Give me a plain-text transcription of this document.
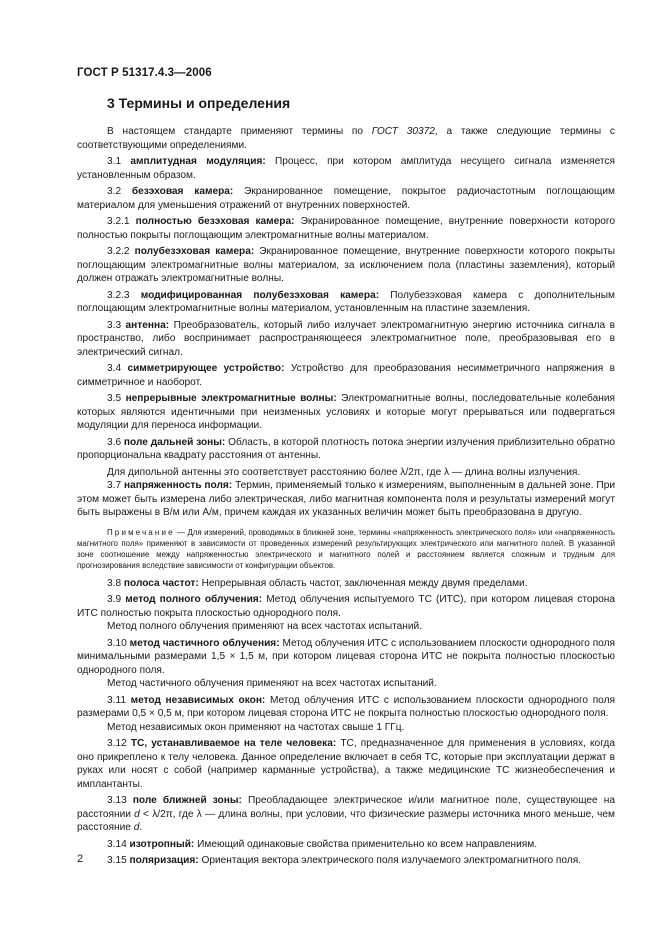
ГОСТ Р 51317.4.3—2006
3 Термины и определения

В настоящем стандарте применяют термины по ГОСТ 30372, а также следующие термины с соответствующими определениями.

3.1 амплитудная модуляция: Процесс, при котором амплитуда несущего сигнала изменяется установленным образом.

3.2 безэховая камера: Экранированное помещение, покрытое радиочастотным поглощающим материалом для уменьшения отражений от внутренних поверхностей.

3.2.1 полностью безэховая камера: Экранированное помещение, внутренние поверхности которого полностью покрыты поглощающим электромагнитные волны материалом.

3.2.2 полубезэховая камера: Экранированное помещение, внутренние поверхности которого покрыты поглощающим электромагнитные волны материалом, за исключением пола (пластины заземления), который должен отражать электромагнитные волны.

3.2.3 модифицированная полубезэховая камера: Полубезэховая камера с дополнительным поглощающим электромагнитные волны материалом, установленным на пластине заземления.

3.3 антенна: Преобразователь, который либо излучает электромагнитную энергию источника сигнала в пространство, либо воспринимает распространяющееся электромагнитное поле, преобразовывая его в электрический сигнал.

3.4 симметрирующее устройство: Устройство для преобразования несимметричного напряжения в симметричное и наоборот.

3.5 непрерывные электромагнитные волны: Электромагнитные волны, последовательные колебания которых являются идентичными при неизменных условиях и которые могут прерываться или подвергаться модуляции для переноса информации.

3.6 поле дальней зоны: Область, в которой плотность потока энергии излучения приблизительно обратно пропорциональна квадрату расстояния от антенны.

Для дипольной антенны это соответствует расстоянию более λ/2π, где λ — длина волны излучения.

3.7 напряженность поля: Термин, применяемый только к измерениям, выполненным в дальней зоне. При этом может быть измерена либо электрическая, либо магнитная компонента поля и результаты измерений могут быть выражены в В/м или А/м, причем каждая их указанных величин может быть преобразована в другую.

Примечание — Для измерений, проводимых в ближней зоне, термины «напряженность электрического поля» или «напряженность магнитного поля» применяют в зависимости от проведенных измерений результирующих электрического или магнитного полей. В указанной зоне соотношение между напряженностью электрического и магнитного полей и расстоянием является сложным и трудным для прогнозирования вследствие зависимости от конфигурации объектов.

3.8 полоса частот: Непрерывная область частот, заключенная между двумя пределами.

3.9 метод полного облучения: Метод облучения испытуемого ТС (ИТС), при котором лицевая сторона ИТС полностью покрыта плоскостью однородного поля.

Метод полного облучения применяют на всех частотах испытаний.

3.10 метод частичного облучения: Метод облучения ИТС с использованием плоскости однородного поля минимальными размерами 1,5 × 1,5 м, при котором лицевая сторона ИТС не покрыта полностью плоскостью однородного поля.

Метод частичного облучения применяют на всех частотах испытаний.

3.11 метод независимых окон: Метод облучения ИТС с использованием плоскости однородного поля размерами 0,5 × 0,5 м, при котором лицевая сторона ИТС не покрыта полностью плоскостью однородного поля.

Метод независимых окон применяют на частотах свыше 1 ГГц.

3.12 ТС, устанавливаемое на теле человека: ТС, предназначенное для применения в условиях, когда оно прикреплено к телу человека. Данное определение включает в себя ТС, которые при эксплуатации держат в руках или носят с собой (например карманные устройства), а также медицинские ТС жизнеобеспечения и имплантанты.

3.13 поле ближней зоны: Преобладающее электрическое и/или магнитное поле, существующее на расстоянии d < λ/2π, где λ — длина волны, при условии, что физические размеры источника много меньше, чем расстояние d.

3.14 изотропный: Имеющий одинаковые свойства применительно ко всем направлениям.

3.15 поляризация: Ориентация вектора электрического поля излучаемого электромагнитного поля.

2
